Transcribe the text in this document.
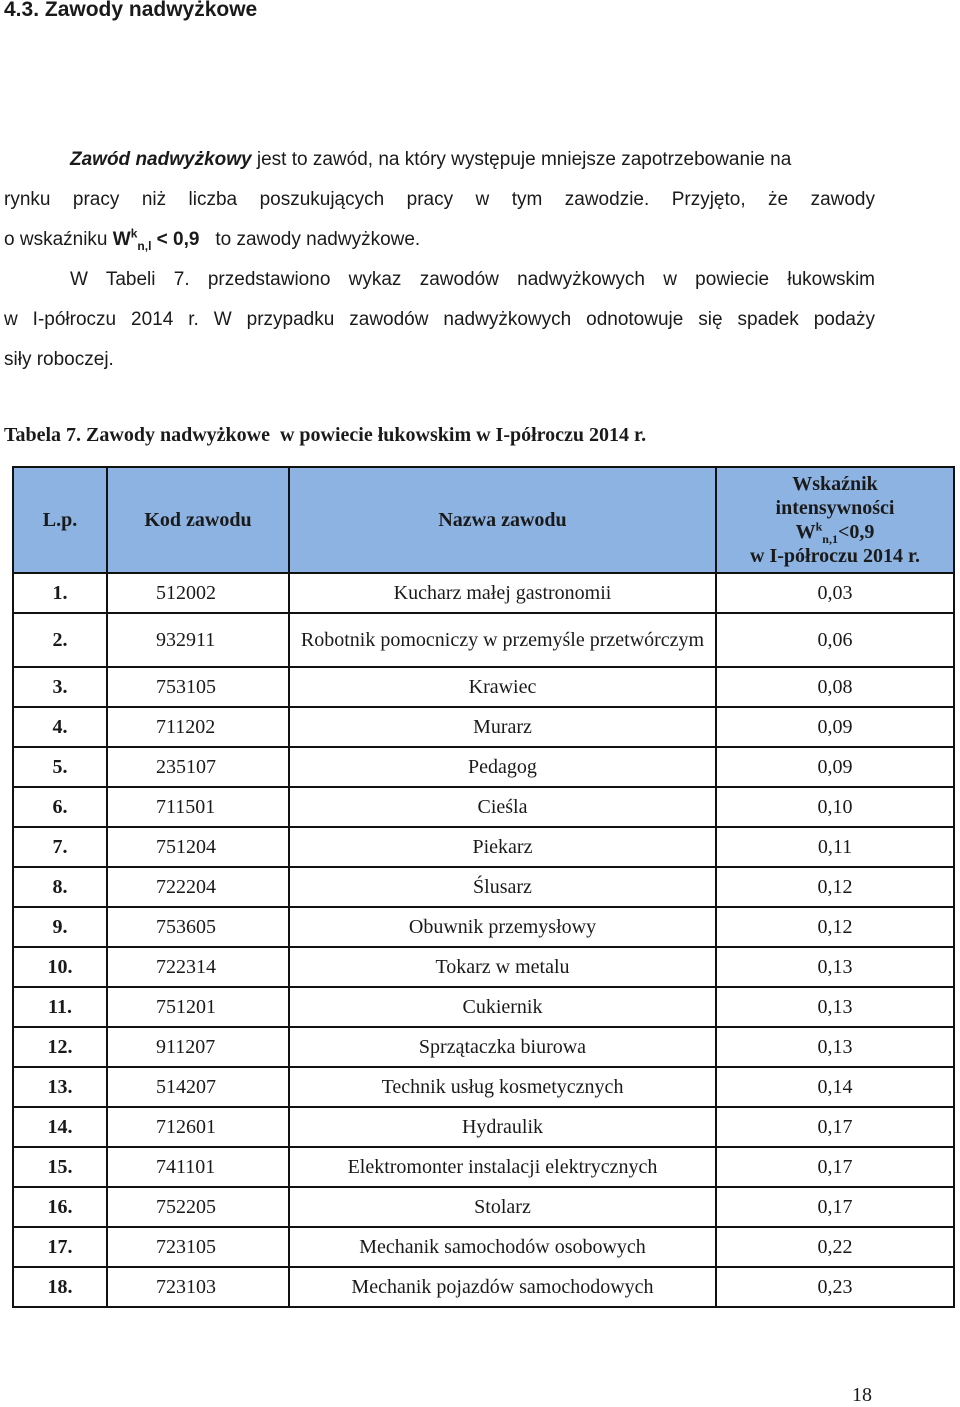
4.3. Zawody nadwyżkowe
Zawód nadwyżkowy jest to zawód, na który występuje mniejsze zapotrzebowanie na
rynku pracy niż liczba poszukujących pracy w tym zawodzie. Przyjęto, że zawody
o wskaźniku $W^k_{n,l} < 0,9$   to zawody nadwyżkowe.
W Tabeli 7. przedstawiono wykaz zawodów nadwyżkowych w powiecie łukowskim
w I-półroczu 2014 r. W przypadku zawodów nadwyżkowych odnotowuje się spadek podaży
siły roboczej.
Tabela 7. Zawody nadwyżkowe  w powiecie łukowskim w I-półroczu 2014 r.
L.p.	Kod zawodu	Nazwa zawodu	Wskaźnik
intensywności
$W^k_{n,1}<0,9$
w I-półroczu 2014 r.

1.	512002	Kucharz małej gastronomii	0,03
2.	932911	Robotnik pomocniczy w przemyśle przetwórczym	0,06
3.	753105	Krawiec	0,08
4.	711202	Murarz	0,09
5.	235107	Pedagog	0,09
6.	711501	Cieśla	0,10
7.	751204	Piekarz	0,11
8.	722204	Ślusarz	0,12
9.	753605	Obuwnik przemysłowy	0,12
10.	722314	Tokarz w metalu	0,13
11.	751201	Cukiernik	0,13
12.	911207	Sprzątaczka biurowa	0,13
13.	514207	Technik usług kosmetycznych	0,14
14.	712601	Hydraulik	0,17
15.	741101	Elektromonter instalacji elektrycznych	0,17
16.	752205	Stolarz	0,17
17.	723105	Mechanik samochodów osobowych	0,22
18.	723103	Mechanik pojazdów samochodowych	0,23
18
